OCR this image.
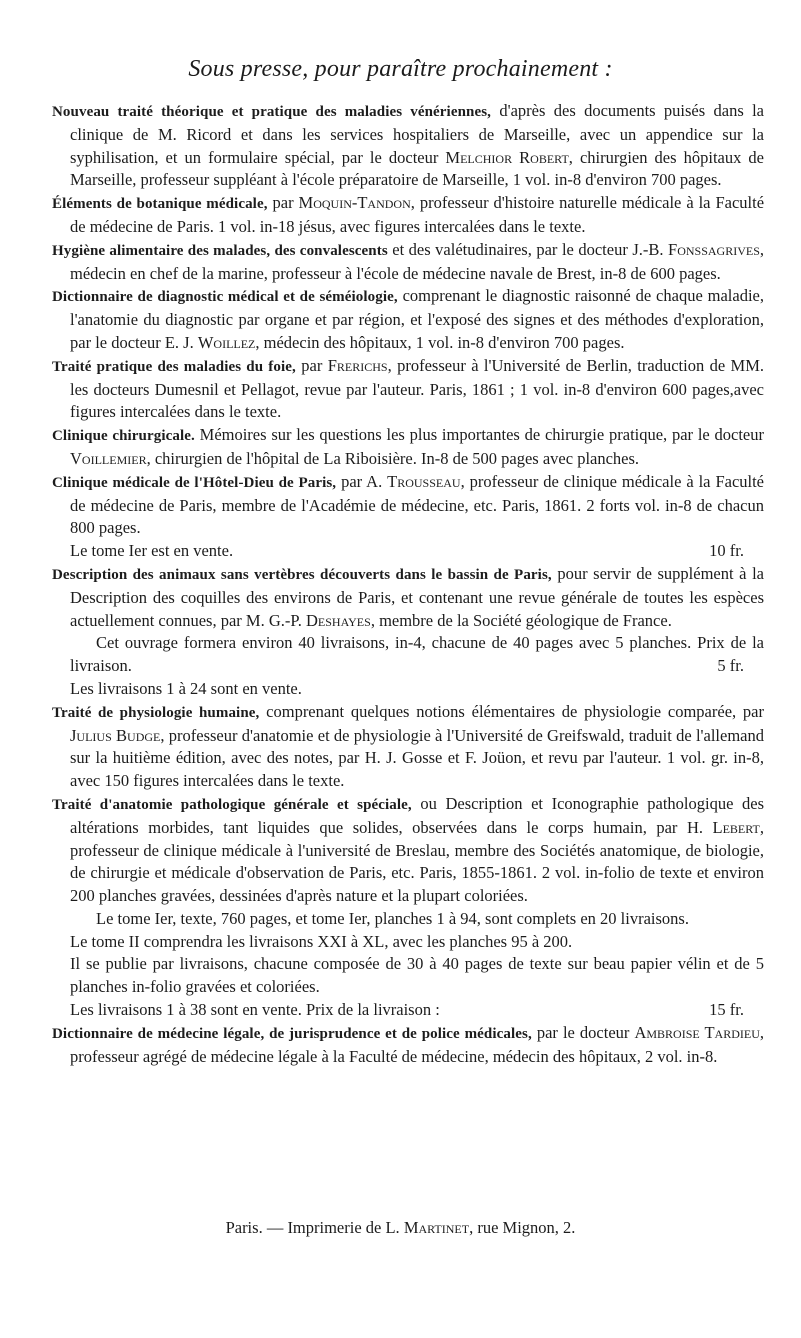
Sous presse, pour paraître prochainement :

Nouveau traité théorique et pratique des maladies vénériennes, d'après des documents puisés dans la clinique de M. Ricord et dans les services hospitaliers de Marseille, avec un appendice sur la syphilisation, et un formulaire spécial, par le docteur Melchior Robert, chirurgien des hôpitaux de Marseille, professeur suppléant à l'école préparatoire de Marseille, 1 vol. in-8 d'environ 700 pages.

Éléments de botanique médicale, par Moquin-Tandon, professeur d'histoire naturelle médicale à la Faculté de médecine de Paris. 1 vol. in-18 jésus, avec figures intercalées dans le texte.

Hygiène alimentaire des malades, des convalescents et des valétudinaires, par le docteur J.-B. Fonssagrives, médecin en chef de la marine, professeur à l'école de médecine navale de Brest, in-8 de 600 pages.

Dictionnaire de diagnostic médical et de séméiologie, comprenant le diagnostic raisonné de chaque maladie, l'anatomie du diagnostic par organe et par région, et l'exposé des signes et des méthodes d'exploration, par le docteur E. J. Woillez, médecin des hôpitaux, 1 vol. in-8 d'environ 700 pages.

Traité pratique des maladies du foie, par Frerichs, professeur à l'Université de Berlin, traduction de MM. les docteurs Dumesnil et Pellagot, revue par l'auteur. Paris, 1861 ; 1 vol. in-8 d'environ 600 pages,avec figures intercalées dans le texte.

Clinique chirurgicale. Mémoires sur les questions les plus importantes de chirurgie pratique, par le docteur Voillemier, chirurgien de l'hôpital de La Riboisière. In-8 de 500 pages avec planches.

Clinique médicale de l'Hôtel-Dieu de Paris, par A. Trousseau, professeur de clinique médicale à la Faculté de médecine de Paris, membre de l'Académie de médecine, etc. Paris, 1861. 2 forts vol. in-8 de chacun 800 pages.

Le tome Ier est en vente.	10 fr.

Description des animaux sans vertèbres découverts dans le bassin de Paris, pour servir de supplément à la Description des coquilles des environs de Paris, et contenant une revue générale de toutes les espèces actuellement connues, par M. G.-P. Deshayes, membre de la Société géologique de France.

Cet ouvrage formera environ 40 livraisons, in-4, chacune de 40 pages avec 5 planches. Prix de la livraison.	5 fr.

Les livraisons 1 à 24 sont en vente.

Traité de physiologie humaine, comprenant quelques notions élémentaires de physiologie comparée, par Julius Budge, professeur d'anatomie et de physiologie à l'Université de Greifswald, traduit de l'allemand sur la huitième édition, avec des notes, par H. J. Gosse et F. Joüon, et revu par l'auteur. 1 vol. gr. in-8, avec 150 figures intercalées dans le texte.

Traité d'anatomie pathologique générale et spéciale, ou Description et Iconographie pathologique des altérations morbides, tant liquides que solides, observées dans le corps humain, par H. Lebert, professeur de clinique médicale à l'université de Breslau, membre des Sociétés anatomique, de biologie, de chirurgie et médicale d'observation de Paris, etc. Paris, 1855-1861. 2 vol. in-folio de texte et environ 200 planches gravées, dessinées d'après nature et la plupart coloriées.

Le tome Ier, texte, 760 pages, et tome Ier, planches 1 à 94, sont complets en 20 livraisons.

Le tome II comprendra les livraisons XXI à XL, avec les planches 95 à 200.

Il se publie par livraisons, chacune composée de 30 à 40 pages de texte sur beau papier vélin et de 5 planches in-folio gravées et coloriées.

Les livraisons 1 à 38 sont en vente. Prix de la livraison :	15 fr.

Dictionnaire de médecine légale, de jurisprudence et de police médicales, par le docteur Ambroise Tardieu, professeur agrégé de médecine légale à la Faculté de médecine, médecin des hôpitaux, 2 vol. in-8.

Paris. — Imprimerie de L. Martinet, rue Mignon, 2.
